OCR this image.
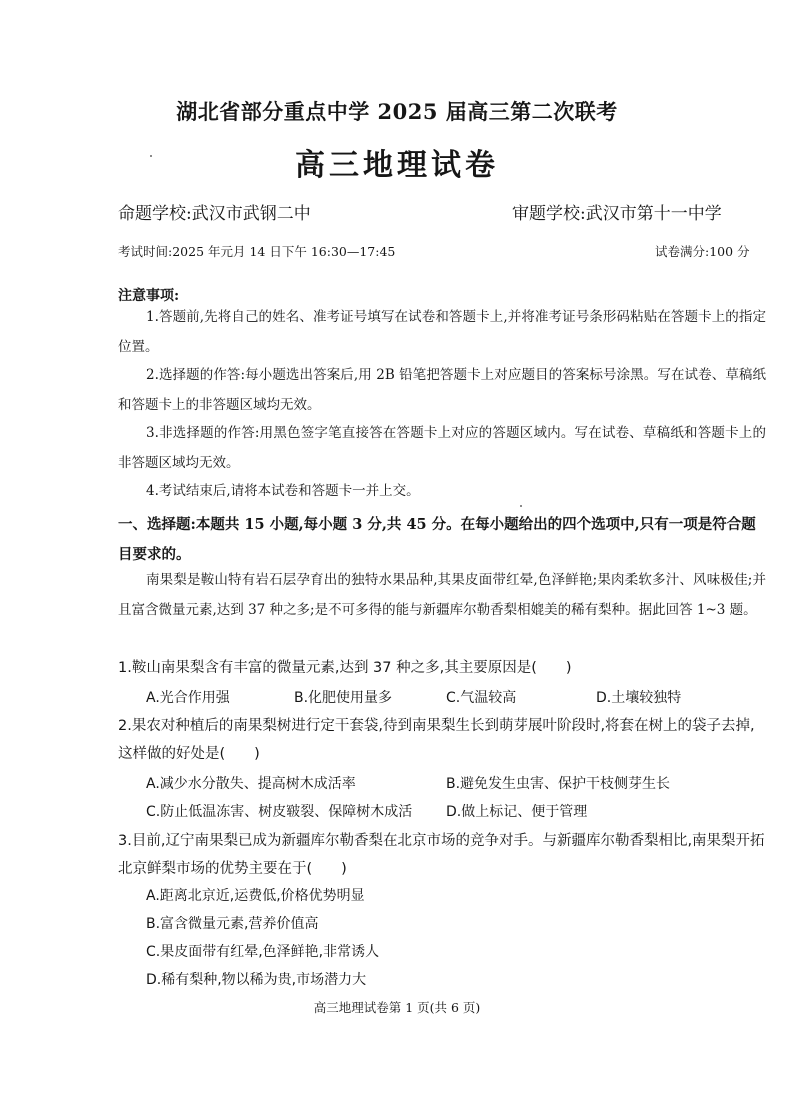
湖北省部分重点中学 2025 届高三第二次联考
高三地理试卷
命题学校:武汉市武钢二中	审题学校:武汉市第十一中学
考试时间:2025 年元月 14 日下午 16:30—17:45	试卷满分:100 分
注意事项:
1.答题前,先将自己的姓名、准考证号填写在试卷和答题卡上,并将准考证号条形码粘贴在答题卡上的指定位置。
2.选择题的作答:每小题选出答案后,用 2B 铅笔把答题卡上对应题目的答案标号涂黑。写在试卷、草稿纸和答题卡上的非答题区域均无效。
3.非选择题的作答:用黑色签字笔直接答在答题卡上对应的答题区域内。写在试卷、草稿纸和答题卡上的非答题区域均无效。
4.考试结束后,请将本试卷和答题卡一并上交。
一、选择题:本题共 15 小题,每小题 3 分,共 45 分。在每小题给出的四个选项中,只有一项是符合题目要求的。
南果梨是鞍山特有岩石层孕育出的独特水果品种,其果皮面带红晕,色泽鲜艳;果肉柔软多汁、风味极佳;并且富含微量元素,达到 37 种之多;是不可多得的能与新疆库尔勒香梨相媲美的稀有梨种。据此回答 1~3 题。
1.鞍山南果梨含有丰富的微量元素,达到 37 种之多,其主要原因是(　　)
A.光合作用强	B.化肥使用量多	C.气温较高	D.土壤较独特
2.果农对种植后的南果梨树进行定干套袋,待到南果梨生长到萌芽展叶阶段时,将套在树上的袋子去掉,这样做的好处是(　　)
A.减少水分散失、提高树木成活率	B.避免发生虫害、保护干枝侧芽生长
C.防止低温冻害、树皮皲裂、保障树木成活 D.做上标记、便于管理
3.目前,辽宁南果梨已成为新疆库尔勒香梨在北京市场的竞争对手。与新疆库尔勒香梨相比,南果梨开拓北京鲜梨市场的优势主要在于(　　)
A.距离北京近,运费低,价格优势明显
B.富含微量元素,营养价值高
C.果皮面带有红晕,色泽鲜艳,非常诱人
D.稀有梨种,物以稀为贵,市场潜力大
高三地理试卷第 1 页(共 6 页)
